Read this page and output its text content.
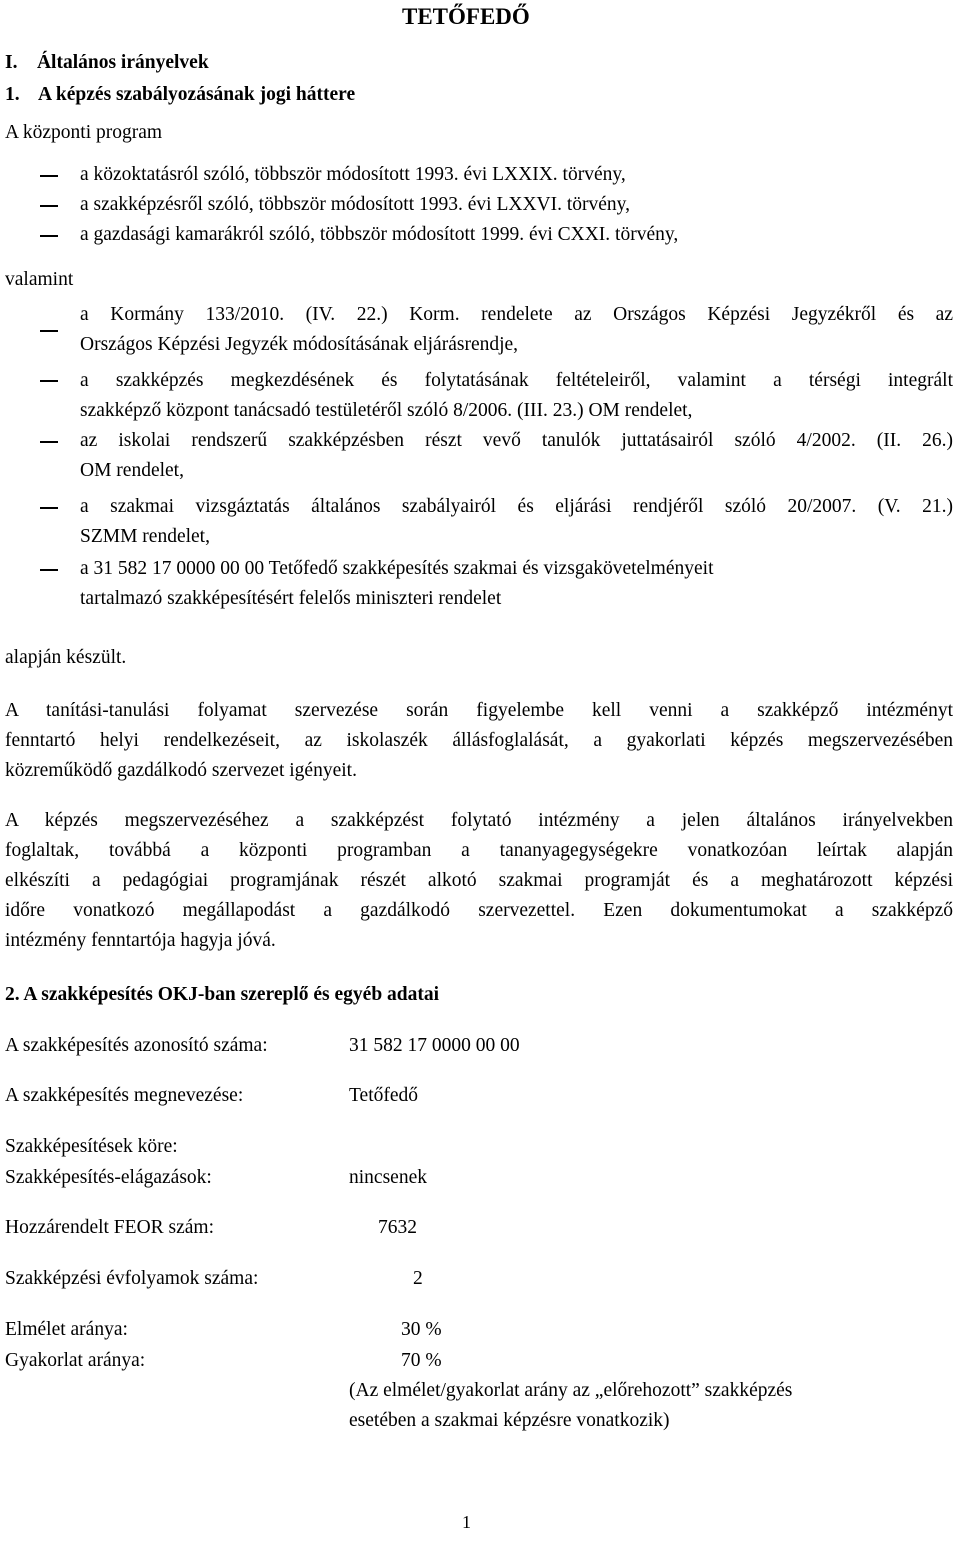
TETŐFEDŐ
I.    Általános irányelvek
1.    A képzés szabályozásának jogi háttere
A központi program
a közoktatásról szóló, többször módosított 1993. évi LXXIX. törvény,
a szakképzésről szóló, többször módosított 1993. évi LXXVI. törvény,
a gazdasági kamarákról szóló, többször módosított 1999. évi CXXI. törvény,
valamint
a Kormány 133/2010. (IV. 22.) Korm. rendelete az Országos Képzési Jegyzékről és az
Országos Képzési Jegyzék módosításának eljárásrendje,
a szakképzés megkezdésének és folytatásának feltételeiről, valamint a térségi integrált
szakképző központ tanácsadó testületéről szóló 8/2006. (III. 23.) OM rendelet,
az iskolai rendszerű szakképzésben részt vevő tanulók juttatásairól szóló 4/2002. (II. 26.)
OM rendelet,
a szakmai vizsgáztatás általános szabályairól és eljárási rendjéről szóló 20/2007. (V. 21.)
SZMM rendelet,
a 31 582 17 0000 00 00 Tetőfedő szakképesítés szakmai és vizsgakövetelményeit
tartalmazó szakképesítésért felelős miniszteri rendelet
alapján készült.
A tanítási-tanulási folyamat szervezése során figyelembe kell venni a szakképző intézményt
fenntartó helyi rendelkezéseit, az iskolaszék állásfoglalását, a gyakorlati képzés megszervezésében
közreműködő gazdálkodó szervezet igényeit.
A képzés megszervezéséhez a szakképzést folytató intézmény a jelen általános irányelvekben
foglaltak, továbbá a központi programban a tananyagegységekre vonatkozóan leírtak alapján
elkészíti a pedagógiai programjának részét alkotó szakmai programját és a meghatározott képzési
időre vonatkozó megállapodást a gazdálkodó szervezettel. Ezen dokumentumokat a szakképző
intézmény fenntartója hagyja jóvá.
2. A szakképesítés OKJ-ban szereplő és egyéb adatai
A szakképesítés azonosító száma:	31 582 17 0000 00 00
A szakképesítés megnevezése:	Tetőfedő
Szakképesítések köre:
Szakképesítés-elágazások:	nincsenek
Hozzárendelt FEOR szám:	7632
Szakképzési évfolyamok száma:	2
Elmélet aránya:	30 %
Gyakorlat aránya:	70 %
(Az elmélet/gyakorlat arány az „előrehozott” szakképzés
esetében a szakmai képzésre vonatkozik)
1
